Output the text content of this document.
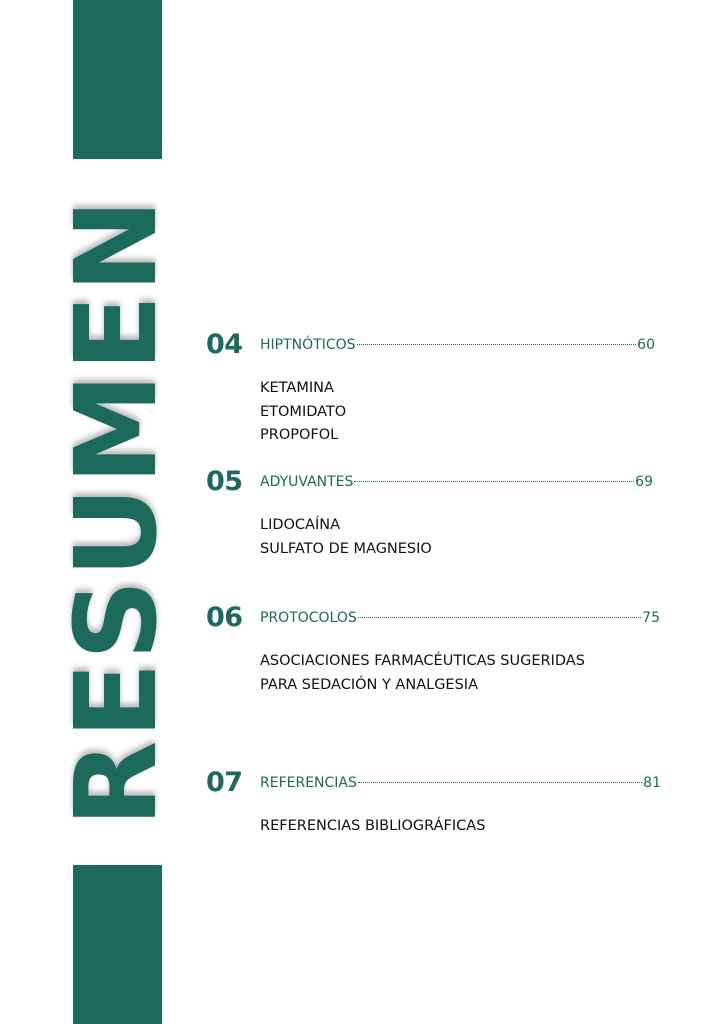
RESUMEN 04 HIPTNÓTICOS	60
KETAMINA
ETOMIDATO
PROPOFOL
05 ADYUVANTES	69
LIDOCAÍNA
SULFATO DE MAGNESIO
06 PROTOCOLOS	75
ASOCIACIONES FARMACÉUTICAS SUGERIDAS
PARA SEDACIÓN Y ANALGESIA
07 REFERENCIAS	81
REFERENCIAS BIBLIOGRÁFICAS
